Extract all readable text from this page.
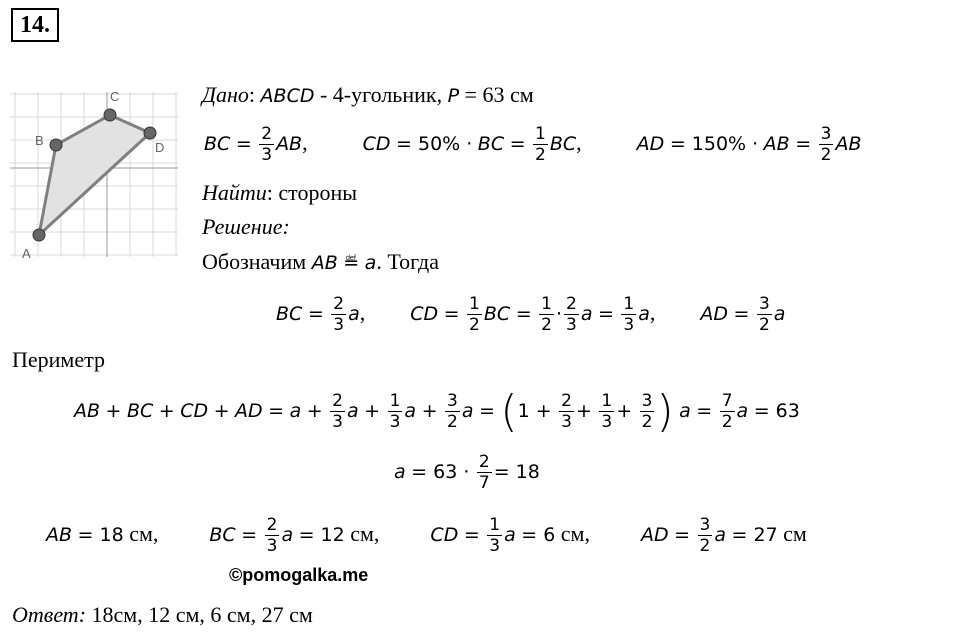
14.
A
B
C
D
Дано: ABCD - 4-угольник, P = 63 см
BC = $\frac{2}{3}$ AB,	CD = 50% · BC = $\frac{1}{2}$ BC,	AD = 150% · AB = $\frac{3}{2}$ AB
Найти: стороны
Решение:
Обозначим AB ≝ a. Тогда
BC = $\frac{2}{3} a$,  CD = $\frac{1}{2}$ BC = $\frac{1}{2} \cdot \frac{2}{3}$ $a = \frac{1}{3} a$,  AD = $\frac{3}{2}$ a
Периметр
AB + BC + CD + AD = $a + \frac{2}{3}$ $a + \frac{1}{3}$ $a + \frac{3}{2}$ $a = (1 + \frac{2}{3} + \frac{1}{3} + \frac{3}{2}$ ) $a = \frac{7}{2}$ a = 63
$a = 63 \cdot \frac{2}{7} = 18$
AB = 18 см,  BC = $\frac{2}{3}$ a = 12 см,  CD = $\frac{1}{3}$ a = 6 см,  AD = $\frac{3}{2}$ a = 27 см
©pomogalka.me
Ответ: 18см, 12 см, 6 см, 27 см
